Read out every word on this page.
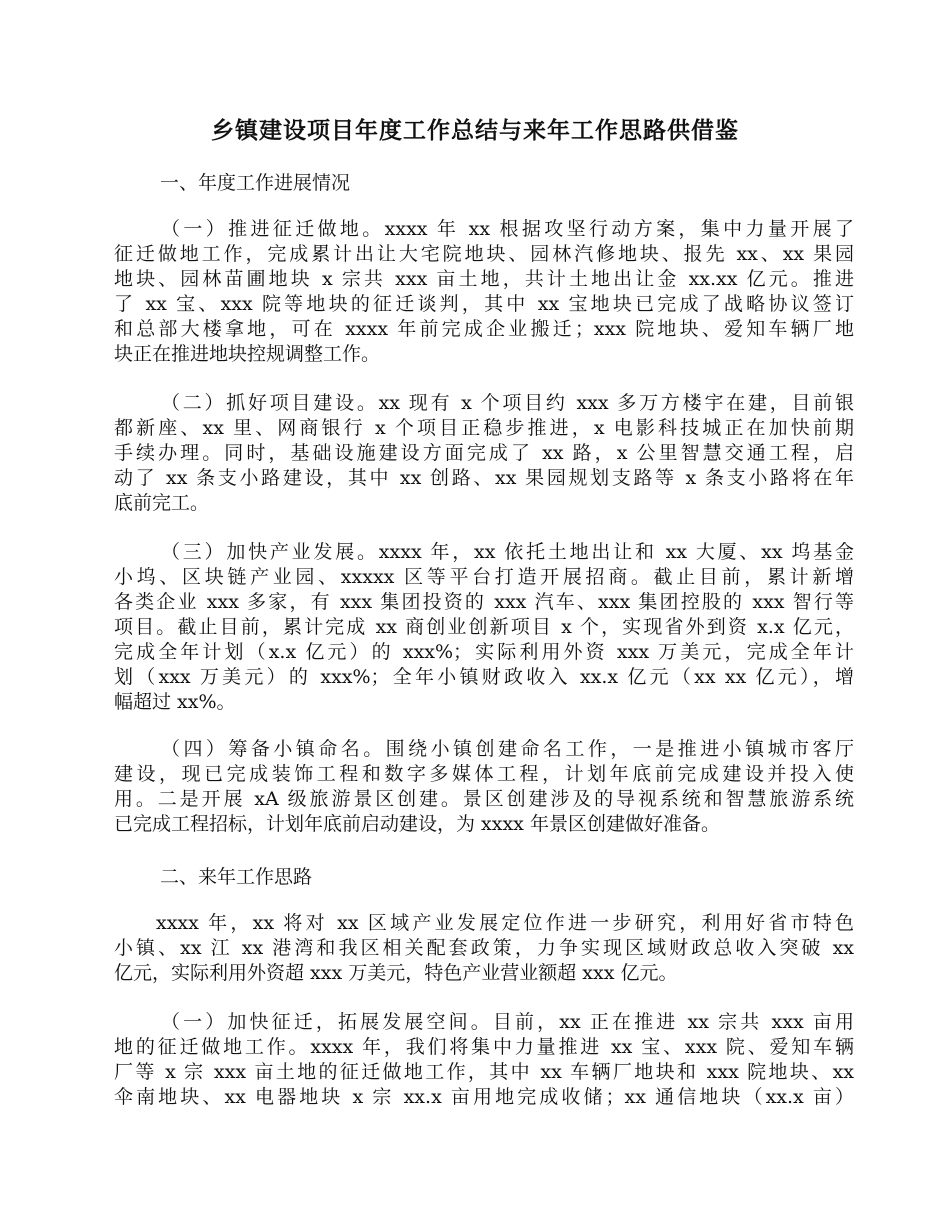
乡镇建设项目年度工作总结与来年工作思路供借鉴
一、年度工作进展情况
（一）推进征迁做地。xxxx 年 xx 根据攻坚行动方案，集中力量开展了
征迁做地工作，完成累计出让大宅院地块、园林汽修地块、报先 xx、xx 果园
地块、园林苗圃地块 x 宗共 xxx 亩土地，共计土地出让金 xx.xx 亿元。推进
了 xx 宝、xxx 院等地块的征迁谈判，其中 xx 宝地块已完成了战略协议签订
和总部大楼拿地，可在 xxxx 年前完成企业搬迁；xxx 院地块、爱知车辆厂地
块正在推进地块控规调整工作。
（二）抓好项目建设。xx 现有 x 个项目约 xxx 多万方楼宇在建，目前银
都新座、xx 里、网商银行 x 个项目正稳步推进，x 电影科技城正在加快前期
手续办理。同时，基础设施建设方面完成了 xx 路，x 公里智慧交通工程，启
动了 xx 条支小路建设，其中 xx 创路、xx 果园规划支路等 x 条支小路将在年
底前完工。
（三）加快产业发展。xxxx 年，xx 依托土地出让和 xx 大厦、xx 坞基金
小坞、区块链产业园、xxxxx 区等平台打造开展招商。截止目前，累计新增
各类企业 xxx 多家，有 xxx 集团投资的 xxx 汽车、xxx 集团控股的 xxx 智行等
项目。截止目前，累计完成 xx 商创业创新项目 x 个，实现省外到资 x.x 亿元，
完成全年计划（x.x 亿元）的 xxx%；实际利用外资 xxx 万美元，完成全年计
划（xxx 万美元）的 xxx%；全年小镇财政收入 xx.x 亿元（xx xx 亿元），增
幅超过 xx%。
（四）筹备小镇命名。围绕小镇创建命名工作，一是推进小镇城市客厅
建设，现已完成装饰工程和数字多媒体工程，计划年底前完成建设并投入使
用。二是开展 xA 级旅游景区创建。景区创建涉及的导视系统和智慧旅游系统
已完成工程招标，计划年底前启动建设，为 xxxx 年景区创建做好准备。
二、来年工作思路
xxxx 年，xx 将对 xx 区域产业发展定位作进一步研究，利用好省市特色
小镇、xx 江 xx 港湾和我区相关配套政策，力争实现区域财政总收入突破 xx
亿元，实际利用外资超 xxx 万美元，特色产业营业额超 xxx 亿元。
（一）加快征迁，拓展发展空间。目前，xx 正在推进 xx 宗共 xxx 亩用
地的征迁做地工作。xxxx 年，我们将集中力量推进 xx 宝、xxx 院、爱知车辆
厂等 x 宗 xxx 亩土地的征迁做地工作，其中 xx 车辆厂地块和 xxx 院地块、xx
伞南地块、xx 电器地块 x 宗 xx.x 亩用地完成收储；xx 通信地块（xx.x 亩）
